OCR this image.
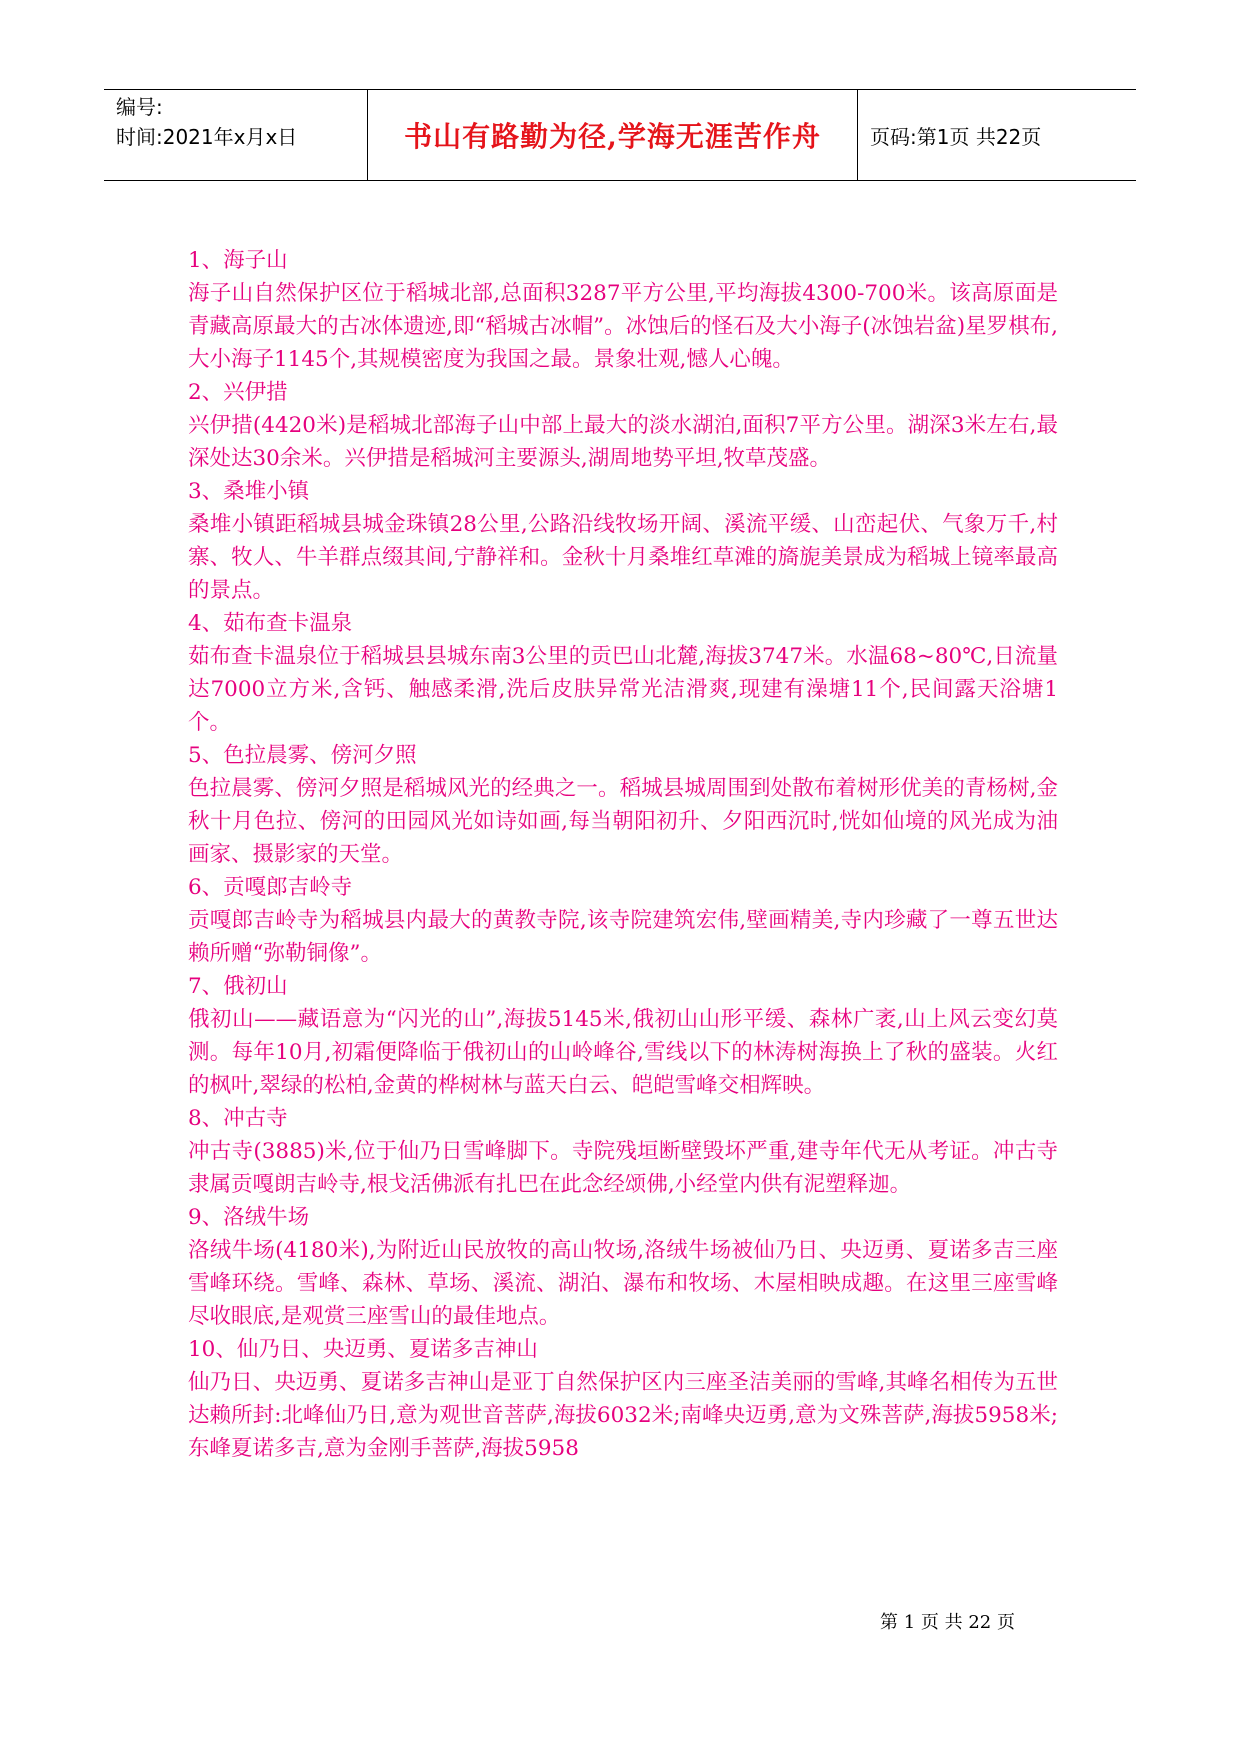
编号:
时间:2021年x月x日	书山有路勤为径,学海无涯苦作舟 页码:第1页 共22页

1、海子山

海子山自然保护区位于稻城北部,总面积3287平方公里,平均海拔4300-700米。该高原面是青藏高原最大的古冰体遗迹,即“稻城古冰帽”。冰蚀后的怪石及大小海子(冰蚀岩盆)星罗棋布,大小海子1145个,其规模密度为我国之最。景象壮观,憾人心魄。

2、兴伊措

兴伊措(4420米)是稻城北部海子山中部上最大的淡水湖泊,面积7平方公里。湖深3米左右,最深处达30余米。兴伊措是稻城河主要源头,湖周地势平坦,牧草茂盛。

3、桑堆小镇

桑堆小镇距稻城县城金珠镇28公里,公路沿线牧场开阔、溪流平缓、山峦起伏、气象万千,村寨、牧人、牛羊群点缀其间,宁静祥和。金秋十月桑堆红草滩的旖旎美景成为稻城上镜率最高的景点。

4、茹布查卡温泉

茹布查卡温泉位于稻城县县城东南3公里的贡巴山北麓,海拔3747米。水温68~80℃,日流量达7000立方米,含钙、触感柔滑,洗后皮肤异常光洁滑爽,现建有澡塘11个,民间露天浴塘1个。

5、色拉晨雾、傍河夕照

色拉晨雾、傍河夕照是稻城风光的经典之一。稻城县城周围到处散布着树形优美的青杨树,金秋十月色拉、傍河的田园风光如诗如画,每当朝阳初升、夕阳西沉时,恍如仙境的风光成为油画家、摄影家的天堂。

6、贡嘎郎吉岭寺

贡嘎郎吉岭寺为稻城县内最大的黄教寺院,该寺院建筑宏伟,壁画精美,寺内珍藏了一尊五世达赖所赠“弥勒铜像”。

7、俄初山

俄初山——藏语意为“闪光的山”,海拔5145米,俄初山山形平缓、森林广袤,山上风云变幻莫测。每年10月,初霜便降临于俄初山的山岭峰谷,雪线以下的林涛树海换上了秋的盛装。火红的枫叶,翠绿的松柏,金黄的桦树林与蓝天白云、皑皑雪峰交相辉映。

8、冲古寺

冲古寺(3885)米,位于仙乃日雪峰脚下。寺院残垣断壁毁坏严重,建寺年代无从考证。冲古寺隶属贡嘎朗吉岭寺,根戈活佛派有扎巴在此念经颂佛,小经堂内供有泥塑释迦。

9、洛绒牛场

洛绒牛场(4180米),为附近山民放牧的高山牧场,洛绒牛场被仙乃日、央迈勇、夏诺多吉三座雪峰环绕。雪峰、森林、草场、溪流、湖泊、瀑布和牧场、木屋相映成趣。在这里三座雪峰尽收眼底,是观赏三座雪山的最佳地点。

10、仙乃日、央迈勇、夏诺多吉神山

仙乃日、央迈勇、夏诺多吉神山是亚丁自然保护区内三座圣洁美丽的雪峰,其峰名相传为五世达赖所封:北峰仙乃日,意为观世音菩萨,海拔6032米;南峰央迈勇,意为文殊菩萨,海拔5958米;东峰夏诺多吉,意为金刚手菩萨,海拔5958

第 1 页 共 22 页
